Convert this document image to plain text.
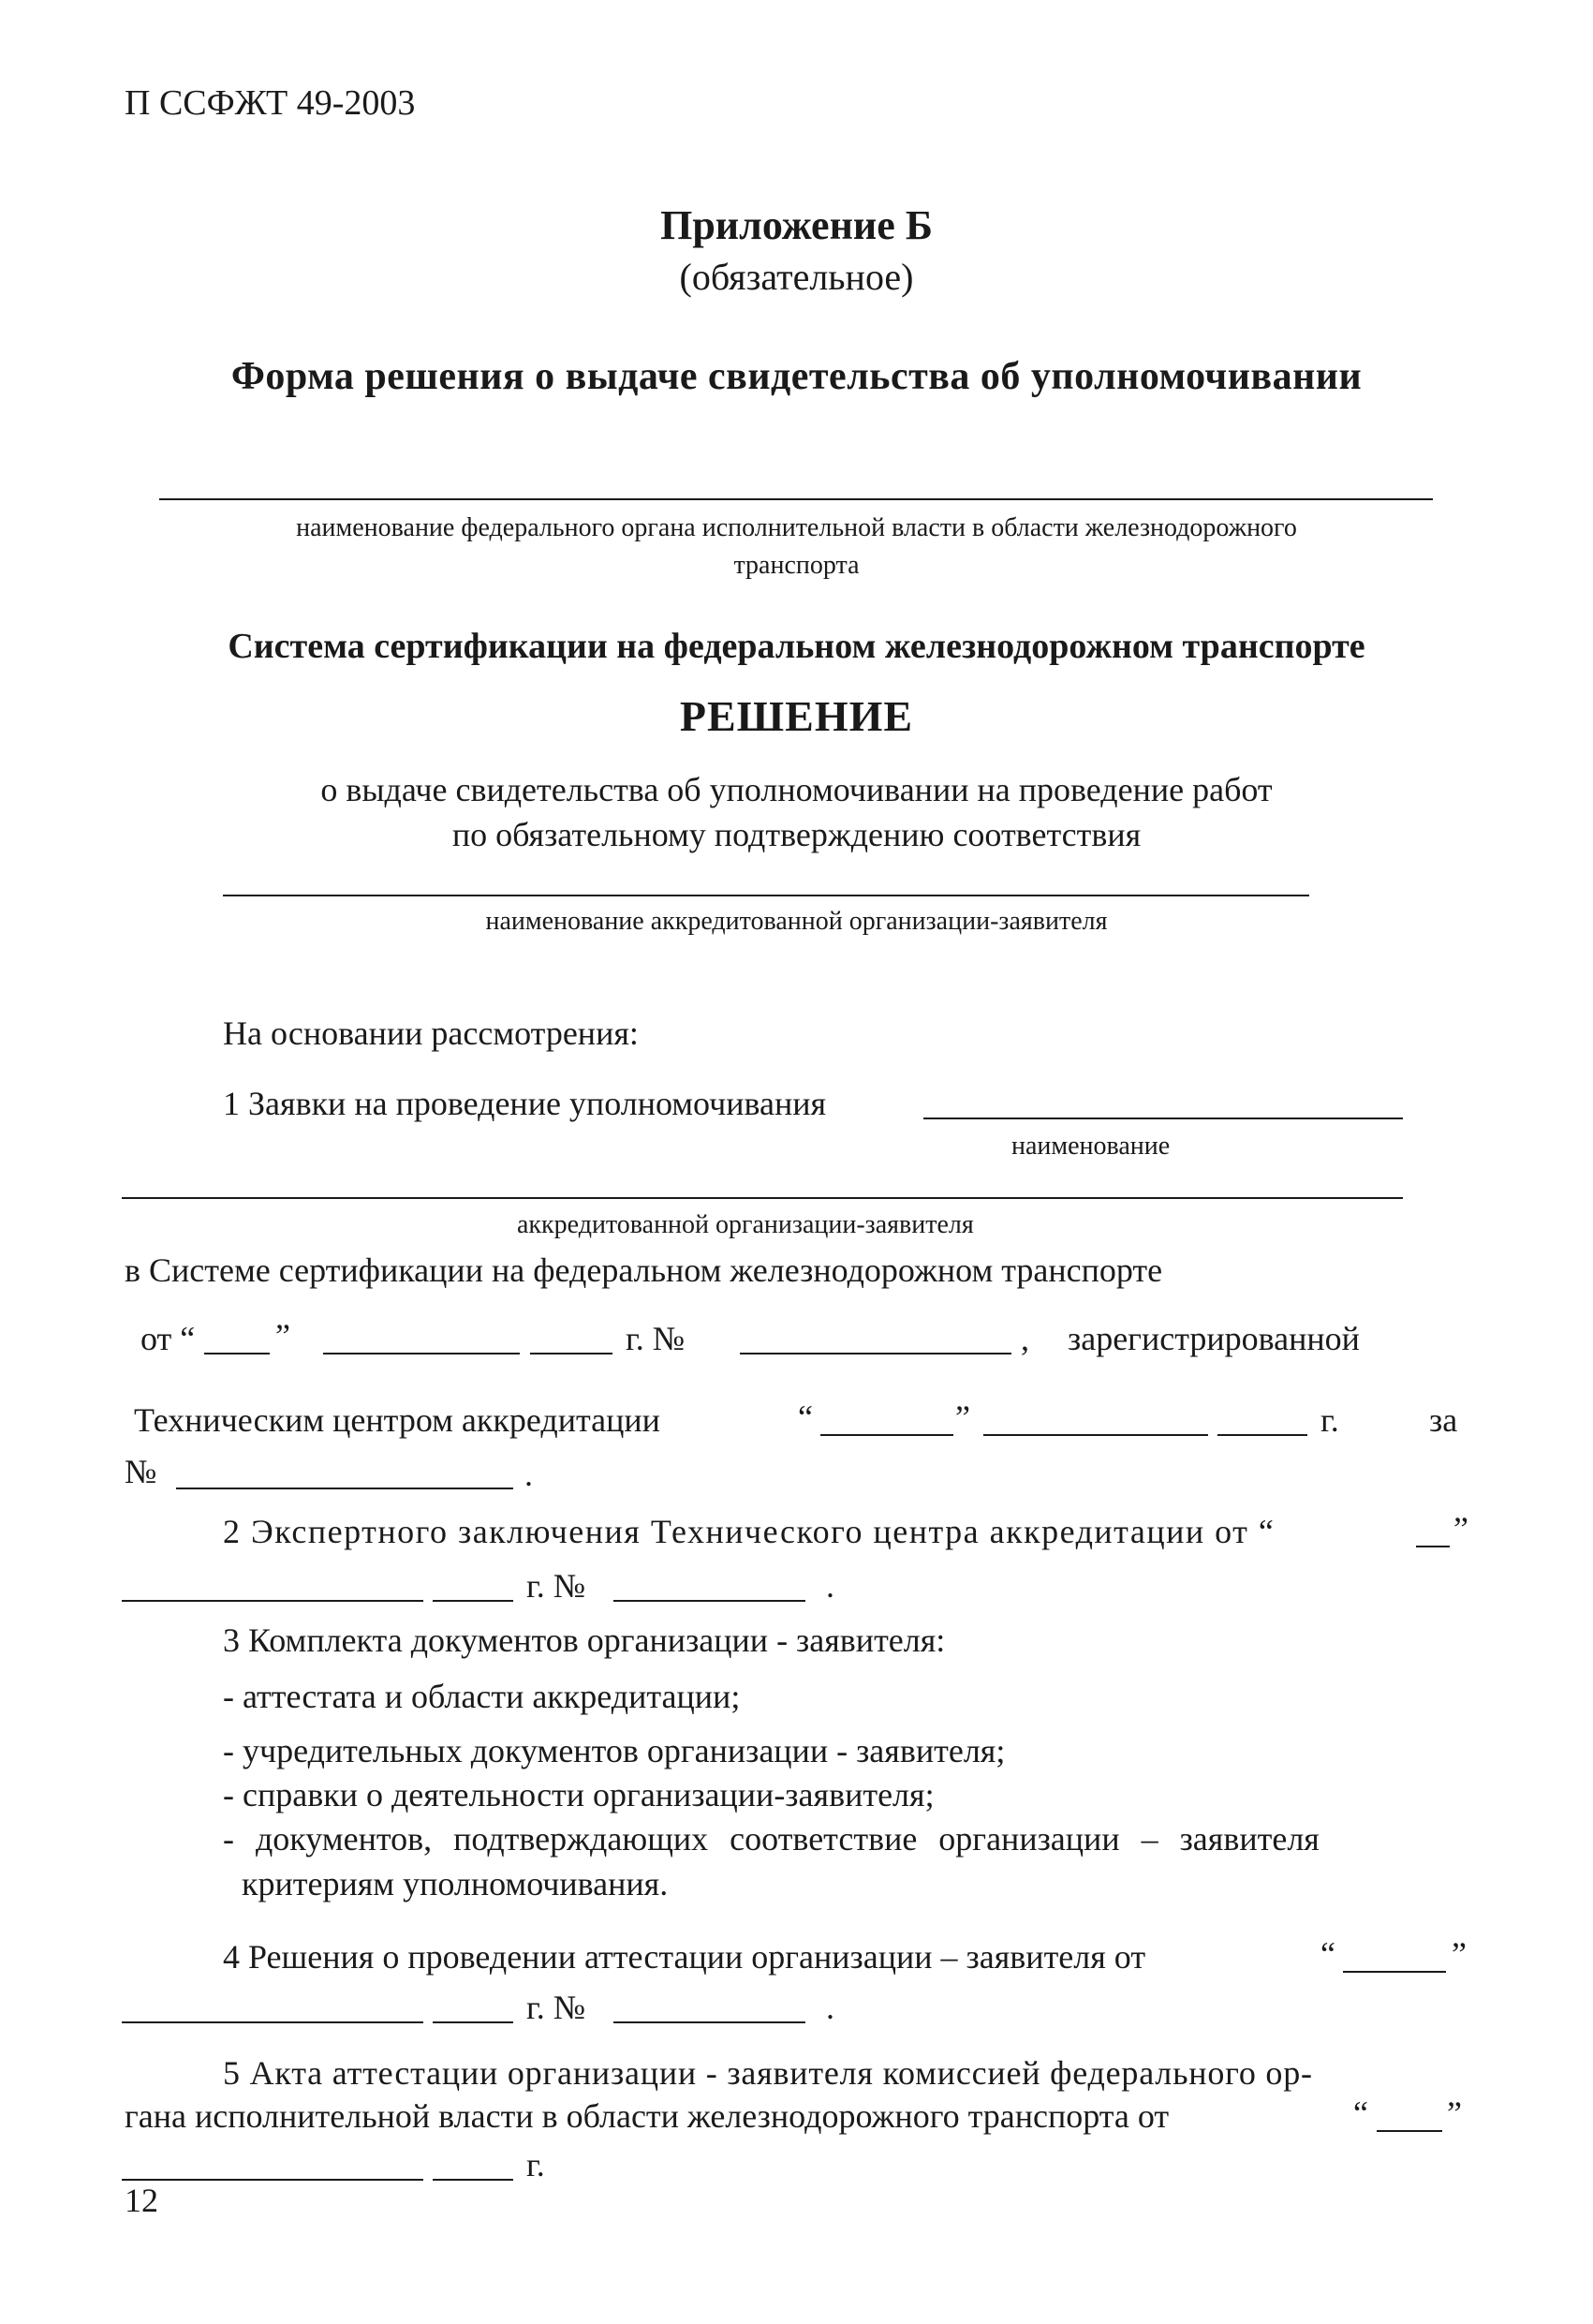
П ССФЖТ 49-2003
Приложение Б
(обязательное)
Форма решения о выдаче свидетельства об уполномочивании
наименование федерального органа исполнительной власти в области железнодорожного
транспорта
Система сертификации на федеральном железнодорожном транспорте
РЕШЕНИЕ
о выдаче свидетельства об уполномочивании на проведение работ
по обязательному подтверждению соответствия
наименование аккредитованной организации-заявителя
На основании рассмотрения:
1 Заявки на проведение уполномочивания
наименование
аккредитованной организации-заявителя
в Системе сертификации на федеральном железнодорожном транспорте
от “ ”	г. №	, зарегистрированной
Техническим центром аккредитации	“	”	г.	за
№	.
2 Экспертного заключения Технического центра аккредитации от “	”
г. №	.
3 Комплекта документов организации - заявителя:
- аттестата и области аккредитации;
- учредительных документов организации - заявителя;
- справки о деятельности организации-заявителя;
- документов, подтверждающих соответствие организации – заявителя
критериям уполномочивания.
4 Решения о проведении аттестации организации – заявителя от	“	”
г. №	.
5 Акта аттестации организации - заявителя комиссией федерального ор-
гана исполнительной власти в области железнодорожного транспорта от	“ ”
г.
12
